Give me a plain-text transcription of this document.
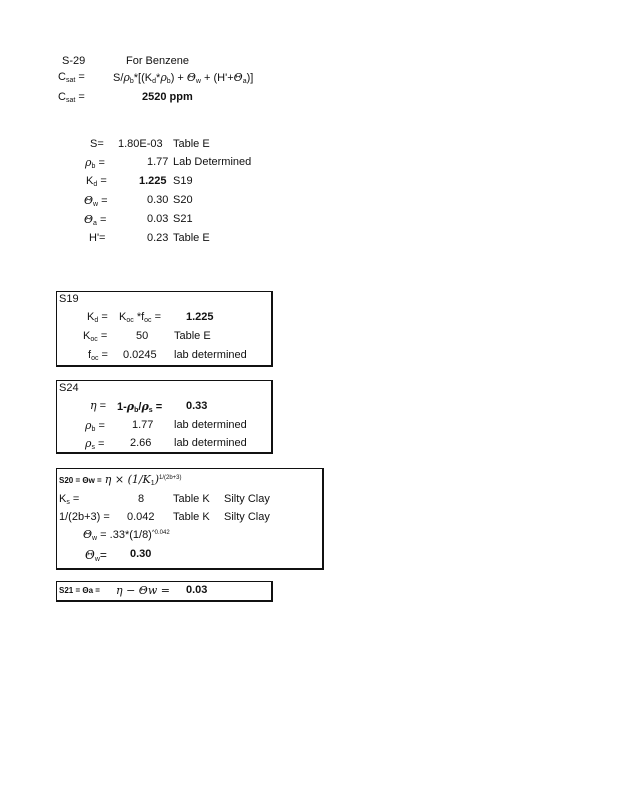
S-29	For Benzene
$C_{sat}$ =	$S/\rho_b*[(K_d*\rho_b) + \Theta_w + (H'+\Theta_a)]$
$C_{sat}$ =	2520 ppm
S= 1.80E-03 Table E
$\rho_b$ =	1.77 Lab Determined
$K_d$ =	1.225 S19
$\Theta_w$ =	0.30 S20
$\Theta_a$ =	0.03 S21
H'=	0.23 Table E
S19
$K_d = K_{oc}$ $*f_{oc} = 1.225$
$K_{oc}$ =	50 Table E
$f_{oc} = 0.0245$ lab determined
S24
$\eta = 1-\rho_b/\rho_s = 0.33$
$\rho_b = 1.77$ lab determined
$\rho_s = 2.66$ lab determined
$S20 = \Theta w = \eta \times (1/K_1)^{1/(2b+3)}$
$K_s$ =	8	Table K Silty Clay
1/(2b+3) = 0.042 Table K Silty Clay
$\Theta_w = .33*(1/8)^{\^{}0.042}$
$\Theta_w= 0.30$
S21 = Θa = η − Θw = 0.03
